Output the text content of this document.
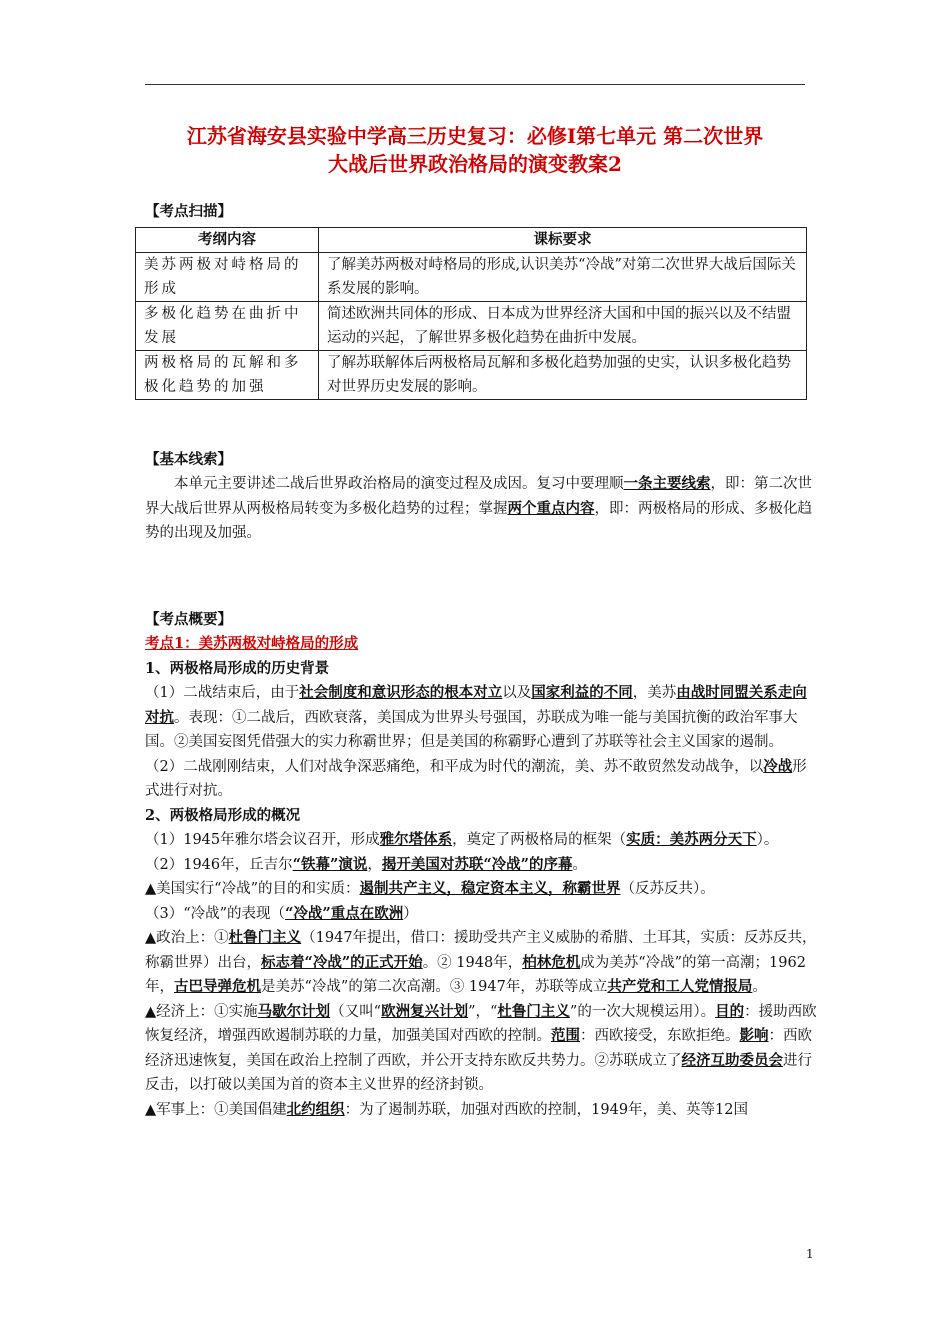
江苏省海安县实验中学高三历史复习：必修Ⅰ第七单元 第二次世界
大战后世界政治格局的演变教案2

【考点扫描】

考纲内容	课标要求
美苏两极对峙格局的形成	了解美苏两极对峙格局的形成,认识美苏“冷战”对第二次世界大战后国际关系发展的影响。
多极化趋势在曲折中发展	简述欧洲共同体的形成、日本成为世界经济大国和中国的振兴以及不结盟运动的兴起，了解世界多极化趋势在曲折中发展。
两极格局的瓦解和多极化趋势的加强	了解苏联解体后两极格局瓦解和多极化趋势加强的史实，认识多极化趋势对世界历史发展的影响。

【基本线索】

本单元主要讲述二战后世界政治格局的演变过程及成因。复习中要理顺一条主要线索，即：第二次世界大战后世界从两极格局转变为多极化趋势的过程；掌握两个重点内容，即：两极格局的形成、多极化趋势的出现及加强。

【考点概要】

考点1：美苏两极对峙格局的形成

1、两极格局形成的历史背景

（1）二战结束后，由于社会制度和意识形态的根本对立以及国家利益的不同，美苏由战时同盟关系走向对抗。表现：①二战后，西欧衰落，美国成为世界头号强国，苏联成为唯一能与美国抗衡的政治军事大国。②美国妄图凭借强大的实力称霸世界；但是美国的称霸野心遭到了苏联等社会主义国家的遏制。

（2）二战刚刚结束，人们对战争深恶痛绝，和平成为时代的潮流，美、苏不敢贸然发动战争，以冷战形式进行对抗。

2、两极格局形成的概况

（1）1945年雅尔塔会议召开，形成雅尔塔体系，奠定了两极格局的框架（实质：美苏两分天下）。

（2）1946年，丘吉尔“铁幕”演说，揭开美国对苏联“冷战”的序幕。

▲美国实行“冷战”的目的和实质：遏制共产主义，稳定资本主义，称霸世界（反苏反共）。

（3）“冷战”的表现（“冷战”重点在欧洲）

▲政治上：①杜鲁门主义（1947年提出，借口：援助受共产主义威胁的希腊、土耳其，实质：反苏反共，称霸世界）出台，标志着“冷战”的正式开始。② 1948年，柏林危机成为美苏“冷战”的第一高潮；1962年，古巴导弹危机是美苏“冷战”的第二次高潮。③ 1947年，苏联等成立共产党和工人党情报局。

▲经济上：①实施马歇尔计划（又叫“欧洲复兴计划”，“杜鲁门主义”的一次大规模运用）。目的：援助西欧恢复经济，增强西欧遏制苏联的力量，加强美国对西欧的控制。范围：西欧接受，东欧拒绝。影响：西欧经济迅速恢复，美国在政治上控制了西欧，并公开支持东欧反共势力。②苏联成立了经济互助委员会进行反击，以打破以美国为首的资本主义世界的经济封锁。

▲军事上：①美国倡建北约组织：为了遏制苏联，加强对西欧的控制，1949年，美、英等12国

1
